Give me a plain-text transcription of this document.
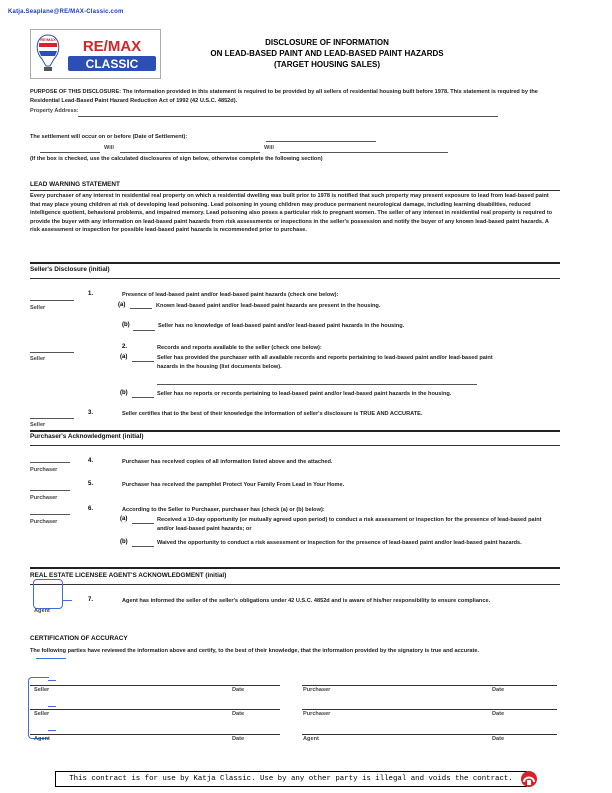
Katja.Seaplane@RE/MAX-Classic.com
RE/MAX RE/MAX
CLASSIC
DISCLOSURE OF INFORMATION
ON LEAD-BASED PAINT AND LEAD-BASED PAINT HAZARDS
(TARGET HOUSING SALES)
PURPOSE OF THIS DISCLOSURE: The information provided in this statement is required to be provided by all sellers of residential housing built before 1978. This statement is required by the Residential Lead-Based Paint Hazard Reduction Act of 1992 (42 U.S.C. 4852d).
Property Address:
The settlement will occur on or before (Date of Settlement):
Will	Will
(If the box is checked, use the calculated disclosures of sign below, otherwise complete the following section)
LEAD WARNING STATEMENT
Every purchaser of any interest in residential real property on which a residential dwelling was built prior to 1978 is notified that such property may present exposure to lead from lead-based paint that may place young children at risk of developing lead poisoning. Lead poisoning in young children may produce permanent neurological damage, including learning disabilities, reduced intelligence quotient, behavioral problems, and impaired memory. Lead poisoning also poses a particular risk to pregnant women. The seller of any interest in residential real property is required to provide the buyer with any information on lead-based paint hazards from risk assessments or inspections in the seller's possession and notify the buyer of any known lead-based paint hazards. A risk assessment or inspection for possible lead-based paint hazards is recommended prior to purchase.
Seller's Disclosure (initial)
Seller
1.	Presence of lead-based paint and/or lead-based paint hazards (check one below):
(a)	Known lead-based paint and/or lead-based paint hazards are present in the housing.
(b)	Seller has no knowledge of lead-based paint and/or lead-based paint hazards in the housing.
Seller
2.	Records and reports available to the seller (check one below):
(a)	Seller has provided the purchaser with all available records and reports pertaining to lead-based paint and/or lead-based paint hazards in the housing (list documents below).
(b)	Seller has no reports or records pertaining to lead-based paint and/or lead-based paint hazards in the housing.
Seller
3.	Seller certifies that to the best of their knowledge the information of seller's disclosure is TRUE AND ACCURATE.
Purchaser's Acknowledgment (initial)
Purchaser
4.	Purchaser has received copies of all information listed above and the attached.
Purchaser
5.	Purchaser has received the pamphlet Protect Your Family From Lead in Your Home.
Purchaser
6.	According to the Seller to Purchaser, purchaser has (check (a) or (b) below):
(a)	Received a 10-day opportunity (or mutually agreed upon period) to conduct a risk assessment or inspection for the presence of lead-based paint and/or lead-based paint hazards; or
(b)	Waived the opportunity to conduct a risk assessment or inspection for the presence of lead-based paint and/or lead-based paint hazards.
REAL ESTATE LICENSEE AGENT'S ACKNOWLEDGMENT (initial)
Agent
7.	Agent has informed the seller of the seller's obligations under 42 U.S.C. 4852d and is aware of his/her responsibility to ensure compliance.
CERTIFICATION OF ACCURACY
The following parties have reviewed the information above and certify, to the best of their knowledge, that the information provided by the signatory is true and accurate.
Seller	Date	Purchaser	Date
Seller	Date	Purchaser	Date
Agent	Date	Agent	Date
This contract is for use by Katja Classic. Use by any other party is illegal and voids the contract.
